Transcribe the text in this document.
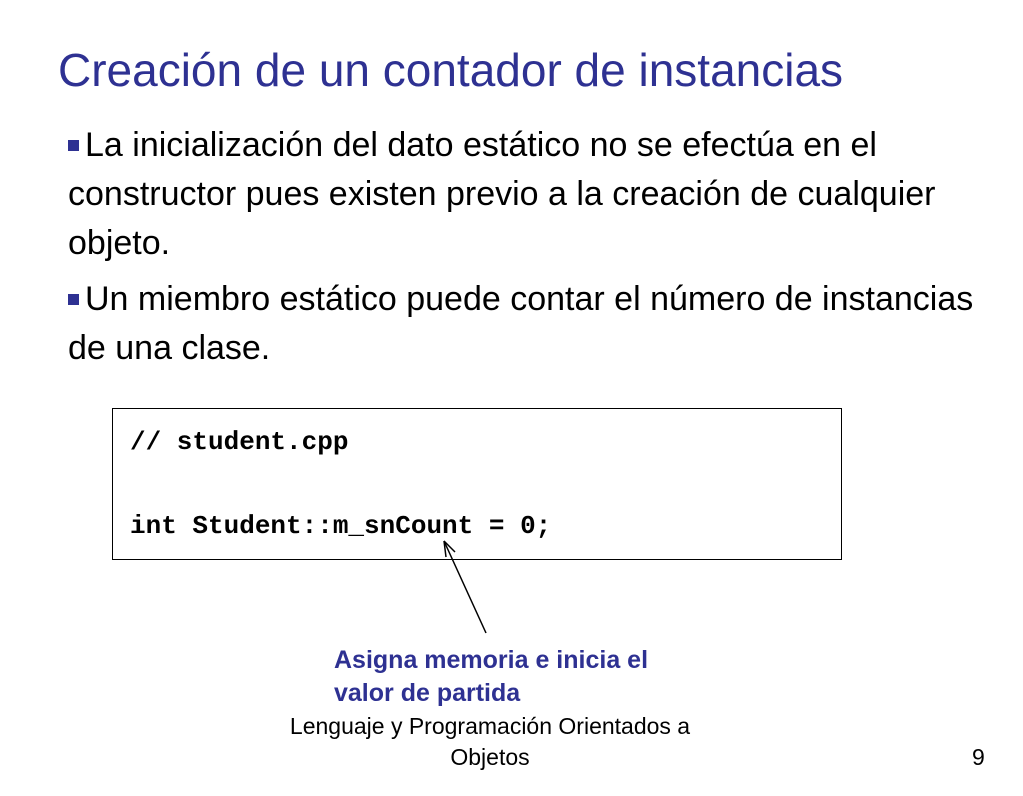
Creación de un contador de instancias
La inicialización del dato estático no se efectúa en el constructor pues existen previo a la creación de cualquier objeto.
Un miembro estático puede contar el número de instancias de una clase.
// student.cpp
int Student::m_snCount = 0;
Asigna memoria e inicia el
valor de partida
Lenguaje y Programación Orientados a
Objetos	9
